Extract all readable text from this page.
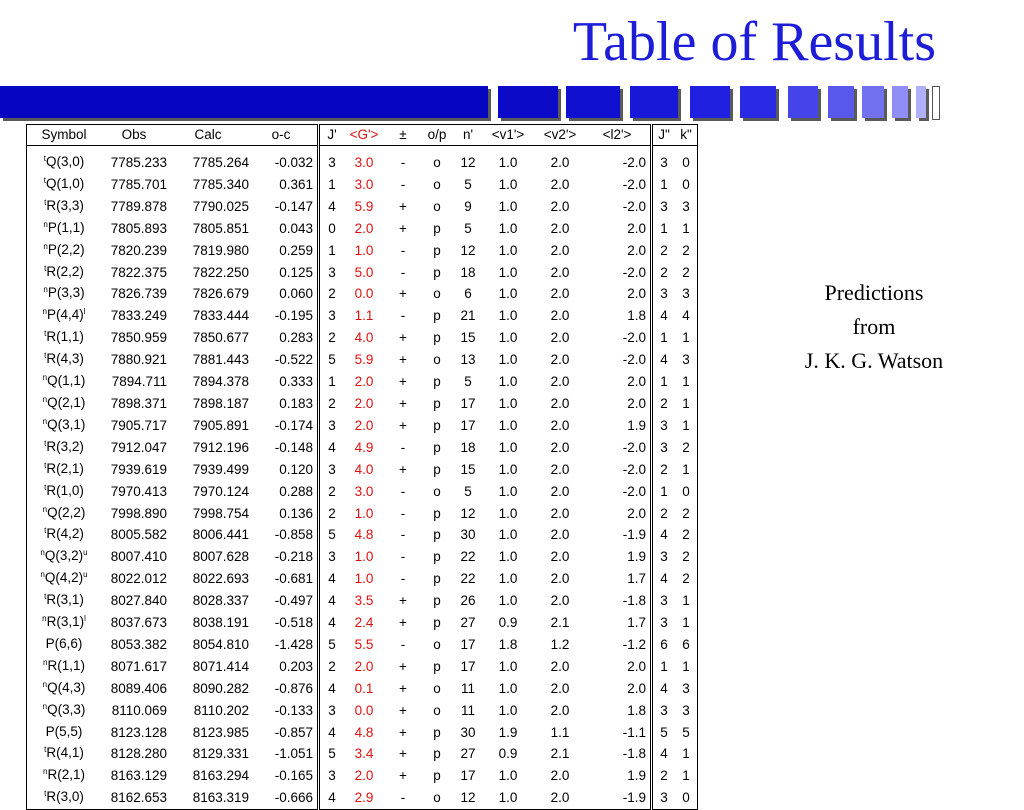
Table of Results
Predictions
from
J. K. G. Watson
Symbol	Obs	Calc	o-c	J'	<G'>	±	o/p	n'	<v1'>	<v2'>	<l2'>	J"	k"
$^t$Q(3,0)	7785.233	7785.264	-0.032	3	3.0	-	o	12	1.0	2.0	-2.0	3	0
$^t$Q(1,0)	7785.701	7785.340	0.361	1	3.0	-	o	5	1.0	2.0	-2.0	1	0
$^t$R(3,3)	7789.878	7790.025	-0.147	4	5.9	+	o	9	1.0	2.0	-2.0	3	3
$^n$P(1,1)	7805.893	7805.851	0.043	0	2.0	+	p	5	1.0	2.0	2.0	1	1
$^n$P(2,2)	7820.239	7819.980	0.259	1	1.0	-	p	12	1.0	2.0	2.0	2	2
$^t$R(2,2)	7822.375	7822.250	0.125	3	5.0	-	p	18	1.0	2.0	-2.0	2	2
$^n$P(3,3)	7826.739	7826.679	0.060	2	0.0	+	o	6	1.0	2.0	2.0	3	3
$^nP(4,4)^l$	7833.249	7833.444	-0.195	3	1.1	-	p	21	1.0	2.0	1.8	4	4
$^t$R(1,1)	7850.959	7850.677	0.283	2	4.0	+	p	15	1.0	2.0	-2.0	1	1
$^t$R(4,3)	7880.921	7881.443	-0.522	5	5.9	+	o	13	1.0	2.0	-2.0	4	3
$^n$Q(1,1)	7894.711	7894.378	0.333	1	2.0	+	p	5	1.0	2.0	2.0	1	1
$^n$Q(2,1)	7898.371	7898.187	0.183	2	2.0	+	p	17	1.0	2.0	2.0	2	1
$^n$Q(3,1)	7905.717	7905.891	-0.174	3	2.0	+	p	17	1.0	2.0	1.9	3	1
$^t$R(3,2)	7912.047	7912.196	-0.148	4	4.9	-	p	18	1.0	2.0	-2.0	3	2
$^t$R(2,1)	7939.619	7939.499	0.120	3	4.0	+	p	15	1.0	2.0	-2.0	2	1
$^t$R(1,0)	7970.413	7970.124	0.288	2	3.0	-	o	5	1.0	2.0	-2.0	1	0
$^n$Q(2,2)	7998.890	7998.754	0.136	2	1.0	-	p	12	1.0	2.0	2.0	2	2
$^t$R(4,2)	8005.582	8006.441	-0.858	5	4.8	-	p	30	1.0	2.0	-1.9	4	2
$^nQ(3,2)^u$	8007.410	8007.628	-0.218	3	1.0	-	p	22	1.0	2.0	1.9	3	2
$^nQ(4,2)^u$	8022.012	8022.693	-0.681	4	1.0	-	p	22	1.0	2.0	1.7	4	2
$^t$R(3,1)	8027.840	8028.337	-0.497	4	3.5	+	p	26	1.0	2.0	-1.8	3	1
$^nR(3,1)^l$	8037.673	8038.191	-0.518	4	2.4	+	p	27	0.9	2.1	1.7	3	1
P(6,6)	8053.382	8054.810	-1.428	5	5.5	-	o	17	1.8	1.2	-1.2	6	6
$^n$R(1,1)	8071.617	8071.414	0.203	2	2.0	+	p	17	1.0	2.0	2.0	1	1
$^n$Q(4,3)	8089.406	8090.282	-0.876	4	0.1	+	o	11	1.0	2.0	2.0	4	3
$^n$Q(3,3)	8110.069	8110.202	-0.133	3	0.0	+	o	11	1.0	2.0	1.8	3	3
P(5,5)	8123.128	8123.985	-0.857	4	4.8	+	p	30	1.9	1.1	-1.1	5	5
$^t$R(4,1)	8128.280	8129.331	-1.051	5	3.4	+	p	27	0.9	2.1	-1.8	4	1
$^n$R(2,1)	8163.129	8163.294	-0.165	3	2.0	+	p	17	1.0	2.0	1.9	2	1
$^t$R(3,0)	8162.653	8163.319	-0.666	4	2.9	-	o	12	1.0	2.0	-1.9	3	0
